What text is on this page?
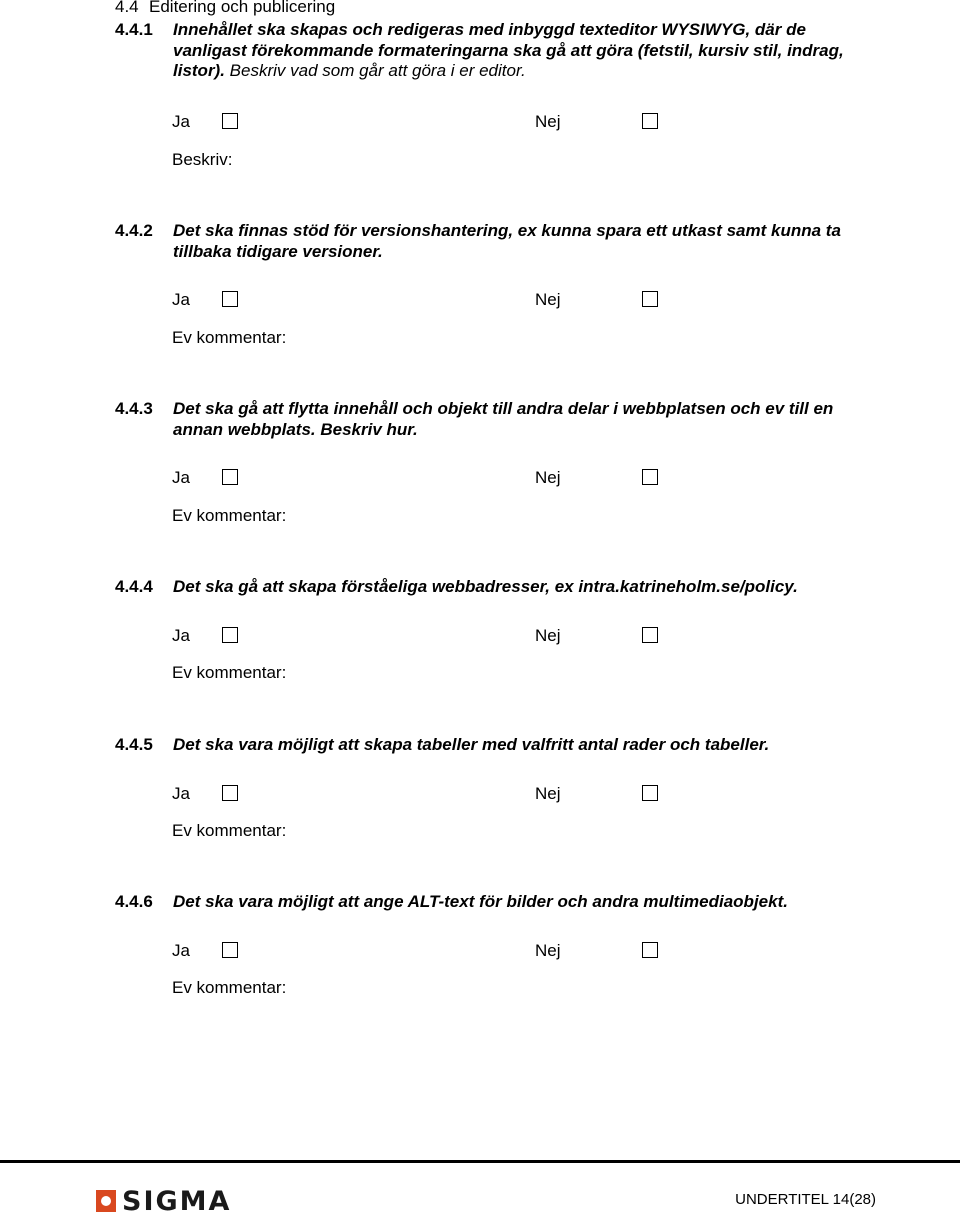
4.4 Editering och publicering

4.4.1 Innehållet ska skapas och redigeras med inbyggd texteditor WYSIWYG, där de vanligast förekommande formateringarna ska gå att göra (fetstil, kursiv stil, indrag, listor). Beskriv vad som går att göra i er editor.

Ja	Nej
Beskriv:

4.4.2 Det ska finnas stöd för versionshantering, ex kunna spara ett utkast samt kunna ta tillbaka tidigare versioner.

Ja	Nej
Ev kommentar:

4.4.3 Det ska gå att flytta innehåll och objekt till andra delar i webbplatsen och ev till en annan webbplats. Beskriv hur.

Ja	Nej
Ev kommentar:

4.4.4 Det ska gå att skapa förståeliga webbadresser, ex intra.katrineholm.se/policy.

Ja	Nej
Ev kommentar:

4.4.5 Det ska vara möjligt att skapa tabeller med valfritt antal rader och tabeller.

Ja	Nej
Ev kommentar:

4.4.6 Det ska vara möjligt att ange ALT-text för bilder och andra multimediaobjekt.

Ja	Nej
Ev kommentar:
SIGMA	UNDERTITEL 14(28)
